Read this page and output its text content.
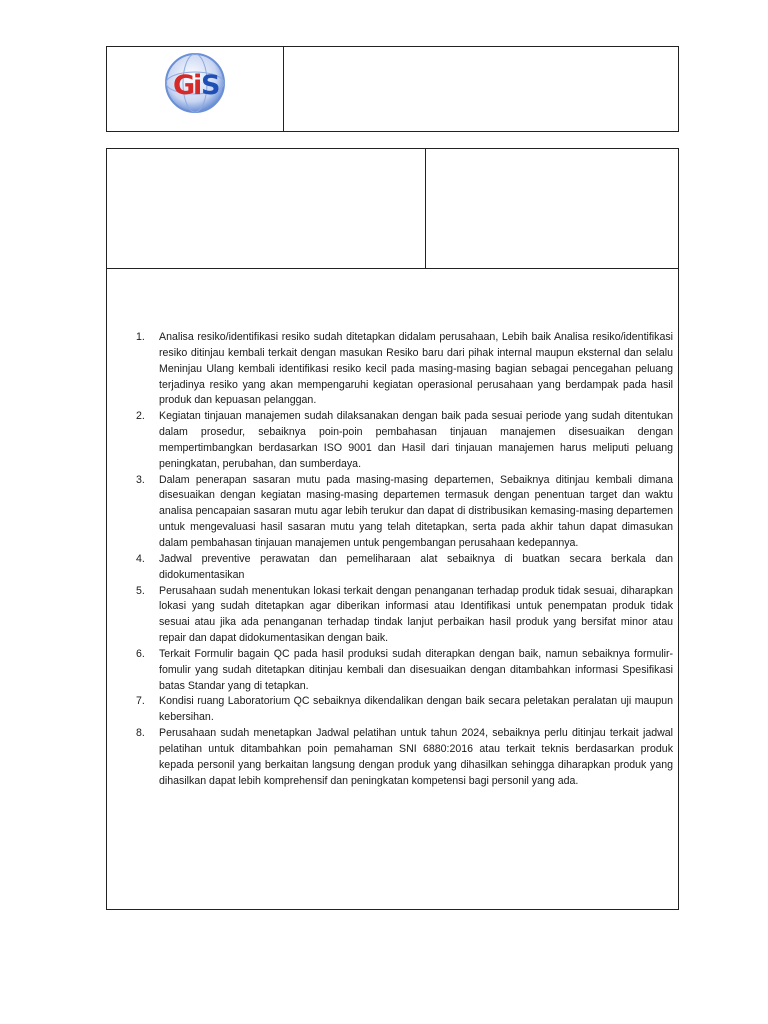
G
i
S
1. Analisa resiko/identifikasi resiko sudah ditetapkan didalam perusahaan, Lebih baik Analisa resiko/identifikasi resiko ditinjau kembali terkait dengan masukan Resiko baru dari pihak internal maupun eksternal dan selalu Meninjau Ulang kembali identifikasi resiko kecil pada masing-masing bagian sebagai pencegahan peluang terjadinya resiko yang akan mempengaruhi kegiatan operasional perusahaan yang berdampak pada hasil produk dan kepuasan pelanggan.
2. Kegiatan tinjauan manajemen sudah dilaksanakan dengan baik pada sesuai periode yang sudah ditentukan dalam prosedur, sebaiknya poin-poin pembahasan tinjauan manajemen disesuaikan dengan mempertimbangkan berdasarkan ISO 9001 dan Hasil dari tinjauan manajemen harus meliputi peluang peningkatan, perubahan, dan sumberdaya.
3. Dalam penerapan sasaran mutu pada masing-masing departemen, Sebaiknya ditinjau kembali dimana disesuaikan dengan kegiatan masing-masing departemen termasuk dengan penentuan target dan waktu analisa pencapaian sasaran mutu agar lebih terukur dan dapat di distribusikan kemasing-masing departemen untuk mengevaluasi hasil sasaran mutu yang telah ditetapkan, serta pada akhir tahun dapat dimasukan dalam pembahasan tinjauan manajemen untuk pengembangan perusahaan kedepannya.
4. Jadwal preventive perawatan dan pemeliharaan alat sebaiknya di buatkan secara berkala dan didokumentasikan
5. Perusahaan sudah menentukan lokasi terkait dengan penanganan terhadap produk tidak sesuai, diharapkan lokasi yang sudah ditetapkan agar diberikan informasi atau Identifikasi untuk penempatan produk tidak sesuai atau jika ada penanganan terhadap tindak lanjut perbaikan hasil produk yang bersifat minor atau repair dan dapat didokumentasikan dengan baik.
6. Terkait Formulir bagain QC pada hasil produksi sudah diterapkan dengan baik, namun sebaiknya formulir-fomulir yang sudah ditetapkan ditinjau kembali dan disesuaikan dengan ditambahkan informasi Spesifikasi batas Standar yang di tetapkan.
7. Kondisi ruang Laboratorium QC sebaiknya dikendalikan dengan baik secara peletakan peralatan uji maupun kebersihan.
8. Perusahaan sudah menetapkan Jadwal pelatihan untuk tahun 2024, sebaiknya perlu ditinjau terkait jadwal pelatihan untuk ditambahkan poin pemahaman SNI 6880:2016 atau terkait teknis berdasarkan produk kepada personil yang berkaitan langsung dengan produk yang dihasilkan sehingga diharapkan produk yang dihasilkan dapat lebih komprehensif dan peningkatan kompetensi bagi personil yang ada.
